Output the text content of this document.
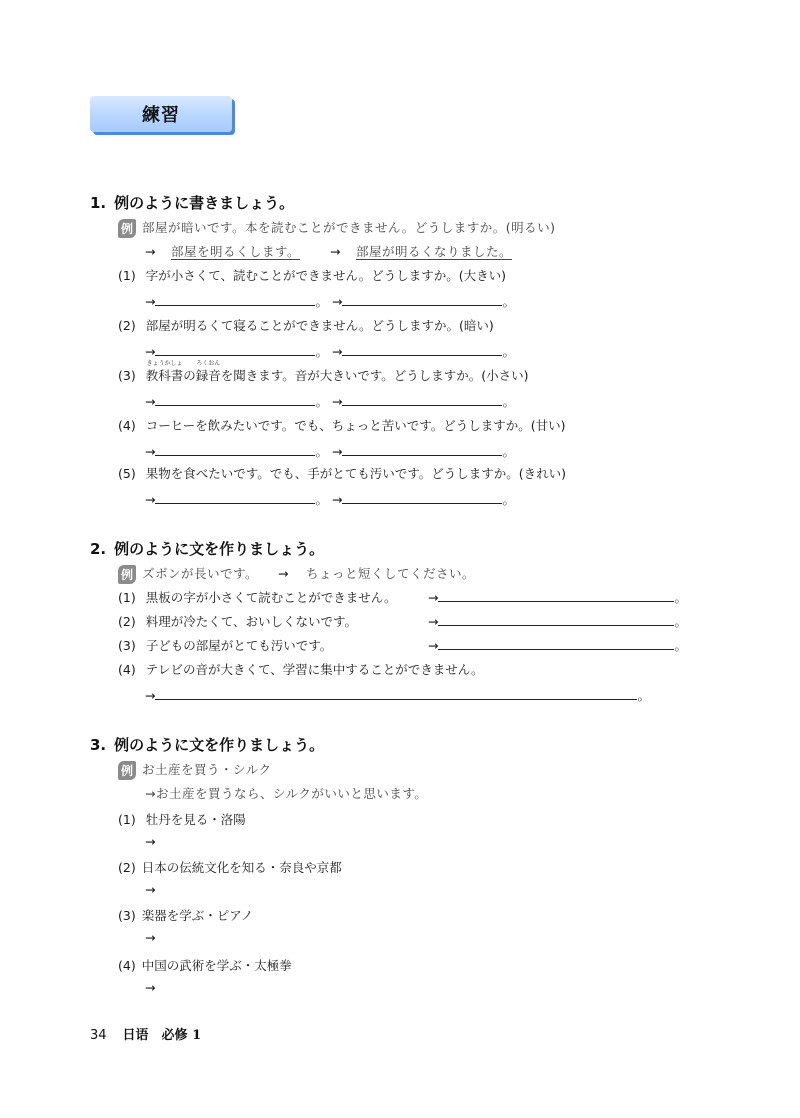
練習
1. 例のように書きましょう。
例 部屋が暗いです。本を読むことができません。どうしますか。(明るい)
→ 部屋を明るくします。 → 部屋が明るくなりました。
(1) 字が小さくて、読むことができません。どうしますか。(大きい)
→	。 →	。
(2) 部屋が明るくて寝ることができません。どうしますか。(暗い)
→	。 →	。
(3)
きょうかしょ
教科書の
ろくおん
録音を聞きます。音が大きいです。どうしますか。(小さい)
→	。 →	。
(4) コーヒーを飲みたいです。でも、ちょっと苦いです。どうしますか。(甘い)
→	。 →	。
(5) 果物を食べたいです。でも、手がとても汚いです。どうしますか。(きれい)
→	。 →	。
2. 例のように文を作りましょう。
例 ズボンが長いです。 → ちょっと短くしてください。
(1) 黒板の字が小さくて読むことができません。	→	。
(2) 料理が冷たくて、おいしくないです。	→	。
(3) 子どもの部屋がとても汚いです。	→	。
(4) テレビの音が大きくて、学習に集中することができません。
→	。
3. 例のように文を作りましょう。
例 お土産を買う・シルク
→お土産を買うなら、シルクがいいと思います。
(1) 牡丹を見る・洛陽
→
(2) 日本の伝統文化を知る・奈良や京都
→
(3) 楽器を学ぶ・ピアノ
→
(4) 中国の武術を学ぶ・太極拳
→
34 日语　必修 1
